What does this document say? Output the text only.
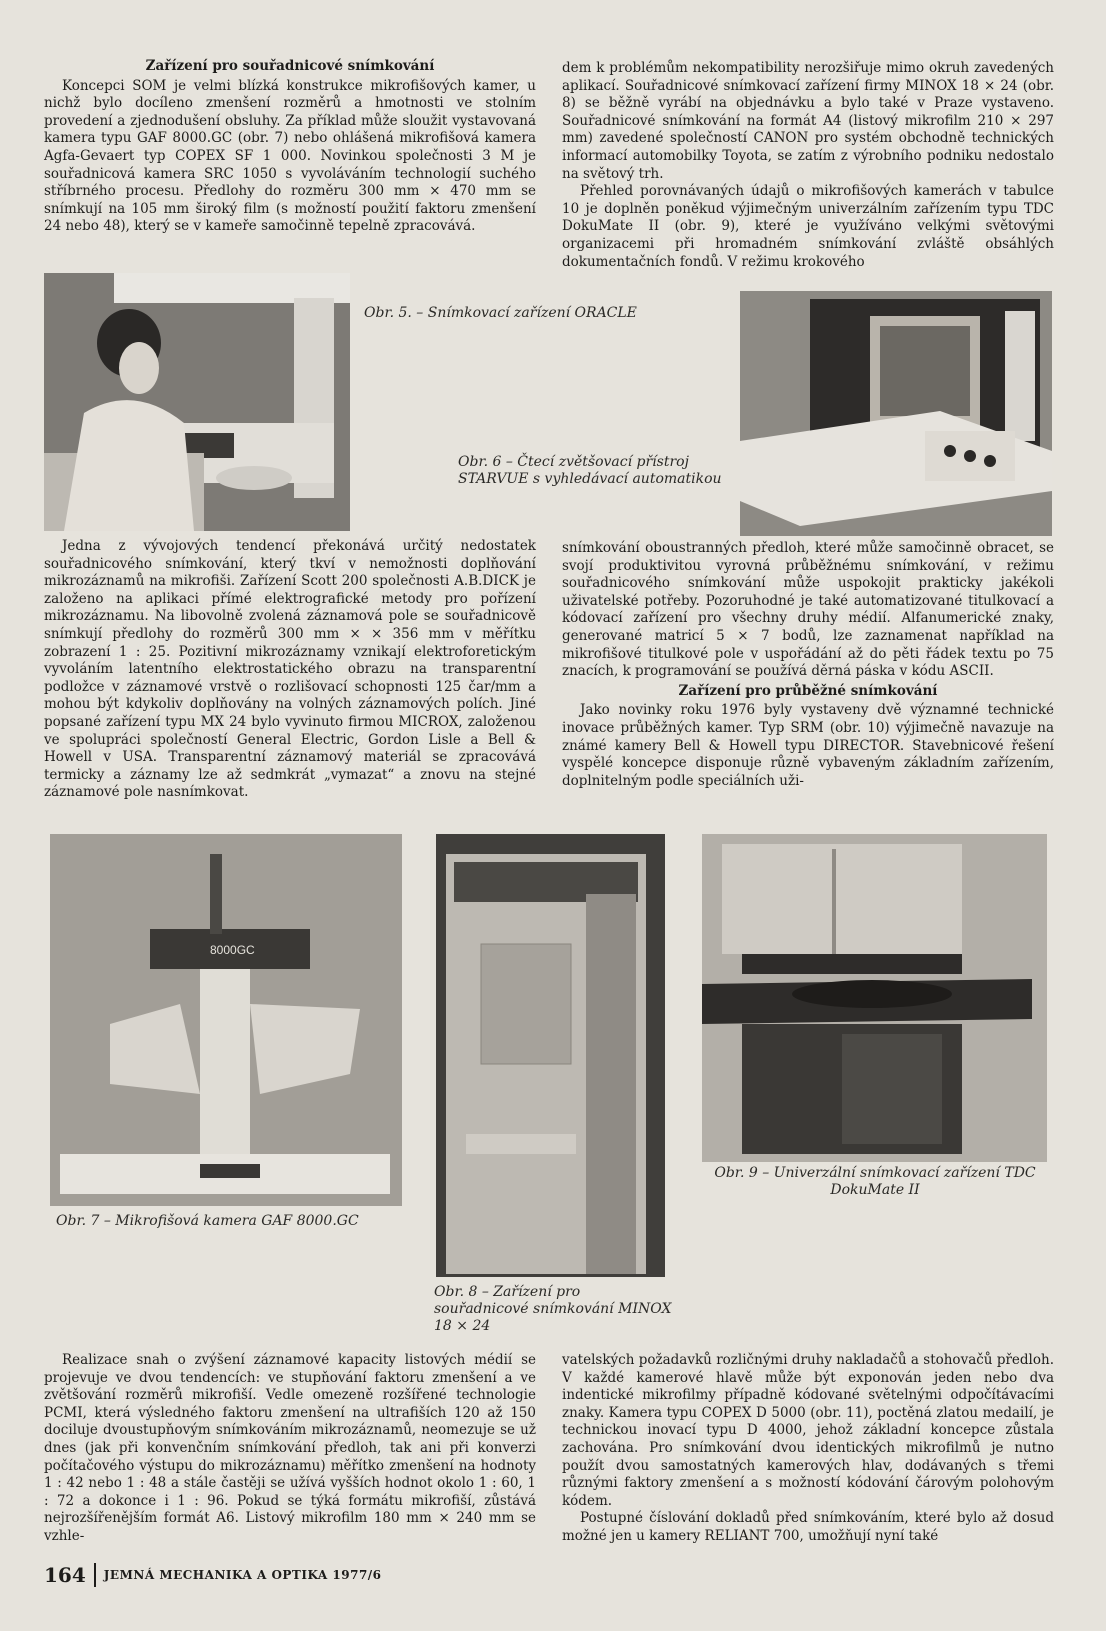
Zařízení pro souřadnicové snímkování

Koncepci SOM je velmi blízká konstrukce mikrofišových kamer, u nichž bylo docíleno zmenšení rozměrů a hmotnosti ve stolním provedení a zjednodušení obsluhy. Za příklad může sloužit vystavovaná kamera typu GAF 8000.GC (obr. 7) nebo ohlášená mikrofišová kamera Agfa-Gevaert typ COPEX SF 1 000. Novinkou společnosti 3 M je souřadnicová kamera SRC 1050 s vyvoláváním technologií suchého stříbrného procesu. Předlohy do rozměru 300 mm × 470 mm se snímkují na 105 mm široký film (s možností použití faktoru zmenšení 24 nebo 48), který se v kameře samočinně tepelně zpracovává.

dem k problémům nekompatibility nerozšiřuje mimo okruh zavedených aplikací. Souřadnicové snímkovací zařízení firmy MINOX 18 × 24 (obr. 8) se běžně vyrábí na objednávku a bylo také v Praze vystaveno. Souřadnicové snímkování na formát A4 (listový mikrofilm 210 × 297 mm) zavedené společností CANON pro systém obchodně technických informací automobilky Toyota, se zatím z výrobního podniku nedostalo na světový trh.

Přehled porovnávaných údajů o mikrofišových kamerách v tabulce 10 je doplněn poněkud výjimečným univerzálním zařízením typu TDC DokuMate II (obr. 9), které je využíváno velkými světovými organizacemi při hromadném snímkování zvláště obsáhlých dokumentačních fondů. V režimu krokového

Obr. 5. – Snímkovací zařízení ORACLE
Obr. 6 – Čtecí zvětšovací přístroj STARVUE s vyhledávací automatikou

Jedna z vývojových tendencí překonává určitý nedostatek souřadnicového snímkování, který tkví v nemožnosti doplňování mikrozáznamů na mikrofiši. Zařízení Scott 200 společnosti A.B.DICK je založeno na aplikaci přímé elektrografické metody pro pořízení mikrozáznamu. Na libovolně zvolená záznamová pole se souřadnicově snímkují předlohy do rozměrů 300 mm × × 356 mm v měřítku zobrazení 1 : 25. Pozitivní mikrozáznamy vznikají elektroforetickým vyvoláním latentního elektrostatického obrazu na transparentní podložce v záznamové vrstvě o rozlišovací schopnosti 125 čar/mm a mohou být kdykoliv doplňovány na volných záznamových polích. Jiné popsané zařízení typu MX 24 bylo vyvinuto firmou MICROX, založenou ve spolupráci společností General Electric, Gordon Lisle a Bell & Howell v USA. Transparentní záznamový materiál se zpracovává termicky a záznamy lze až sedmkrát „vymazat“ a znovu na stejné záznamové pole nasnímkovat.

snímkování oboustranných předloh, které může samočinně obracet, se svojí produktivitou vyrovná průběžnému snímkování, v režimu souřadnicového snímkování může uspokojit prakticky jakékoli uživatelské potřeby. Pozoruhodné je také automatizované titulkovací a kódovací zařízení pro všechny druhy médií. Alfanumerické znaky, generované matricí 5 × 7 bodů, lze zaznamenat například na mikrofišové titulkové pole v uspořádání až do pěti řádek textu po 75 znacích, k programování se používá děrná páska v kódu ASCII.

Zařízení pro průběžné snímkování

Jako novinky roku 1976 byly vystaveny dvě významné technické inovace průběžných kamer. Typ SRM (obr. 10) výjimečně navazuje na známé kamery Bell & Howell typu DIRECTOR. Stavebnicové řešení vyspělé koncepce disponuje různě vybaveným základním zařízením, doplnitelným podle speciálních uži-

8000GC
Obr. 7 – Mikrofišová kamera GAF 8000.GC
Obr. 8 – Zařízení pro souřadnicové snímkování MINOX 18 × 24
Obr. 9 – Univerzální snímkovací zařízení TDC DokuMate II

Realizace snah o zvýšení záznamové kapacity listových médií se projevuje ve dvou tendencích: ve stupňování faktoru zmenšení a ve zvětšování rozměrů mikrofiší. Vedle omezeně rozšířené technologie PCMI, která výsledného faktoru zmenšení na ultrafiších 120 až 150 dociluje dvoustupňovým snímkováním mikrozáznamů, neomezuje se už dnes (jak při konvenčním snímkování předloh, tak ani při konverzi počítačového výstupu do mikrozáznamu) měřítko zmenšení na hodnoty 1 : 42 nebo 1 : 48 a stále častěji se užívá vyšších hodnot okolo 1 : 60, 1 : 72 a dokonce i 1 : 96. Pokud se týká formátu mikrofiší, zůstává nejrozšířenějším formát A6. Listový mikrofilm 180 mm × 240 mm se vzhle-

vatelských požadavků rozličnými druhy nakladačů a stohovačů předloh. V každé kamerové hlavě může být exponován jeden nebo dva indentické mikrofilmy případně kódované světelnými odpočítávacími znaky. Kamera typu COPEX D 5000 (obr. 11), poctěná zlatou medailí, je technickou inovací typu D 4000, jehož základní koncepce zůstala zachována. Pro snímkování dvou identických mikrofilmů je nutno použít dvou samostatných kamerových hlav, dodávaných s třemi různými faktory zmenšení a s možností kódování čárovým polohovým kódem.

Postupné číslování dokladů před snímkováním, které bylo až dosud možné jen u kamery RELIANT 700, umožňují nyní také

164	JEMNÁ MECHANIKA A OPTIKA 1977/6
